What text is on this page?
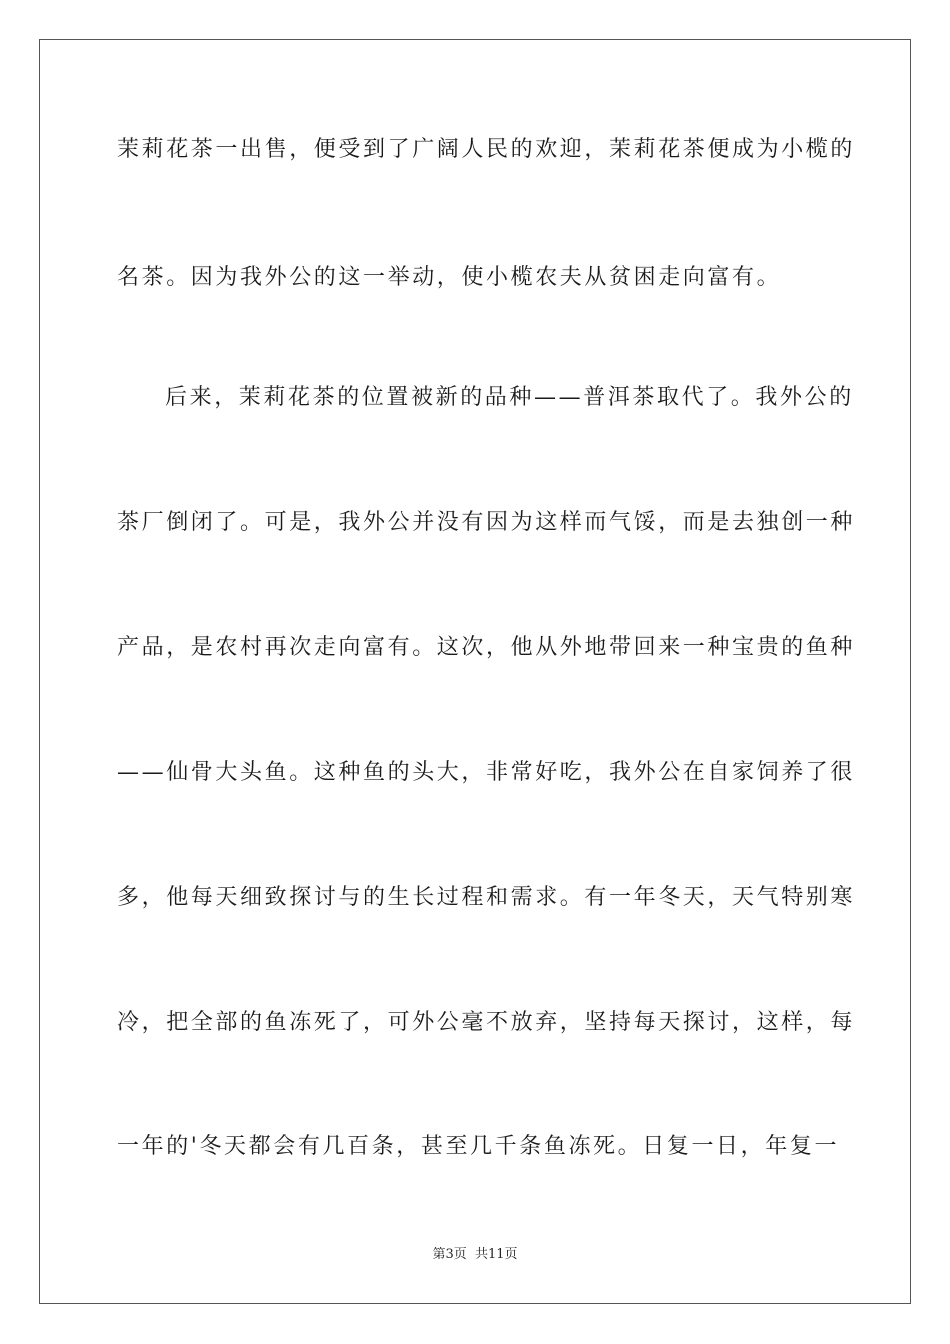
茉莉花茶一出售，便受到了广阔人民的欢迎，茉莉花茶便成为小榄的
名茶。因为我外公的这一举动，使小榄农夫从贫困走向富有。
后来，茉莉花茶的位置被新的品种——普洱茶取代了。我外公的
茶厂倒闭了。可是，我外公并没有因为这样而气馁，而是去独创一种
产品，是农村再次走向富有。这次，他从外地带回来一种宝贵的鱼种
——仙骨大头鱼。这种鱼的头大，非常好吃，我外公在自家饲养了很
多，他每天细致探讨与的生长过程和需求。有一年冬天，天气特别寒
冷，把全部的鱼冻死了，可外公毫不放弃，坚持每天探讨，这样，每
一年的'冬天都会有几百条，甚至几千条鱼冻死。日复一日，年复一
第3页 共11页
